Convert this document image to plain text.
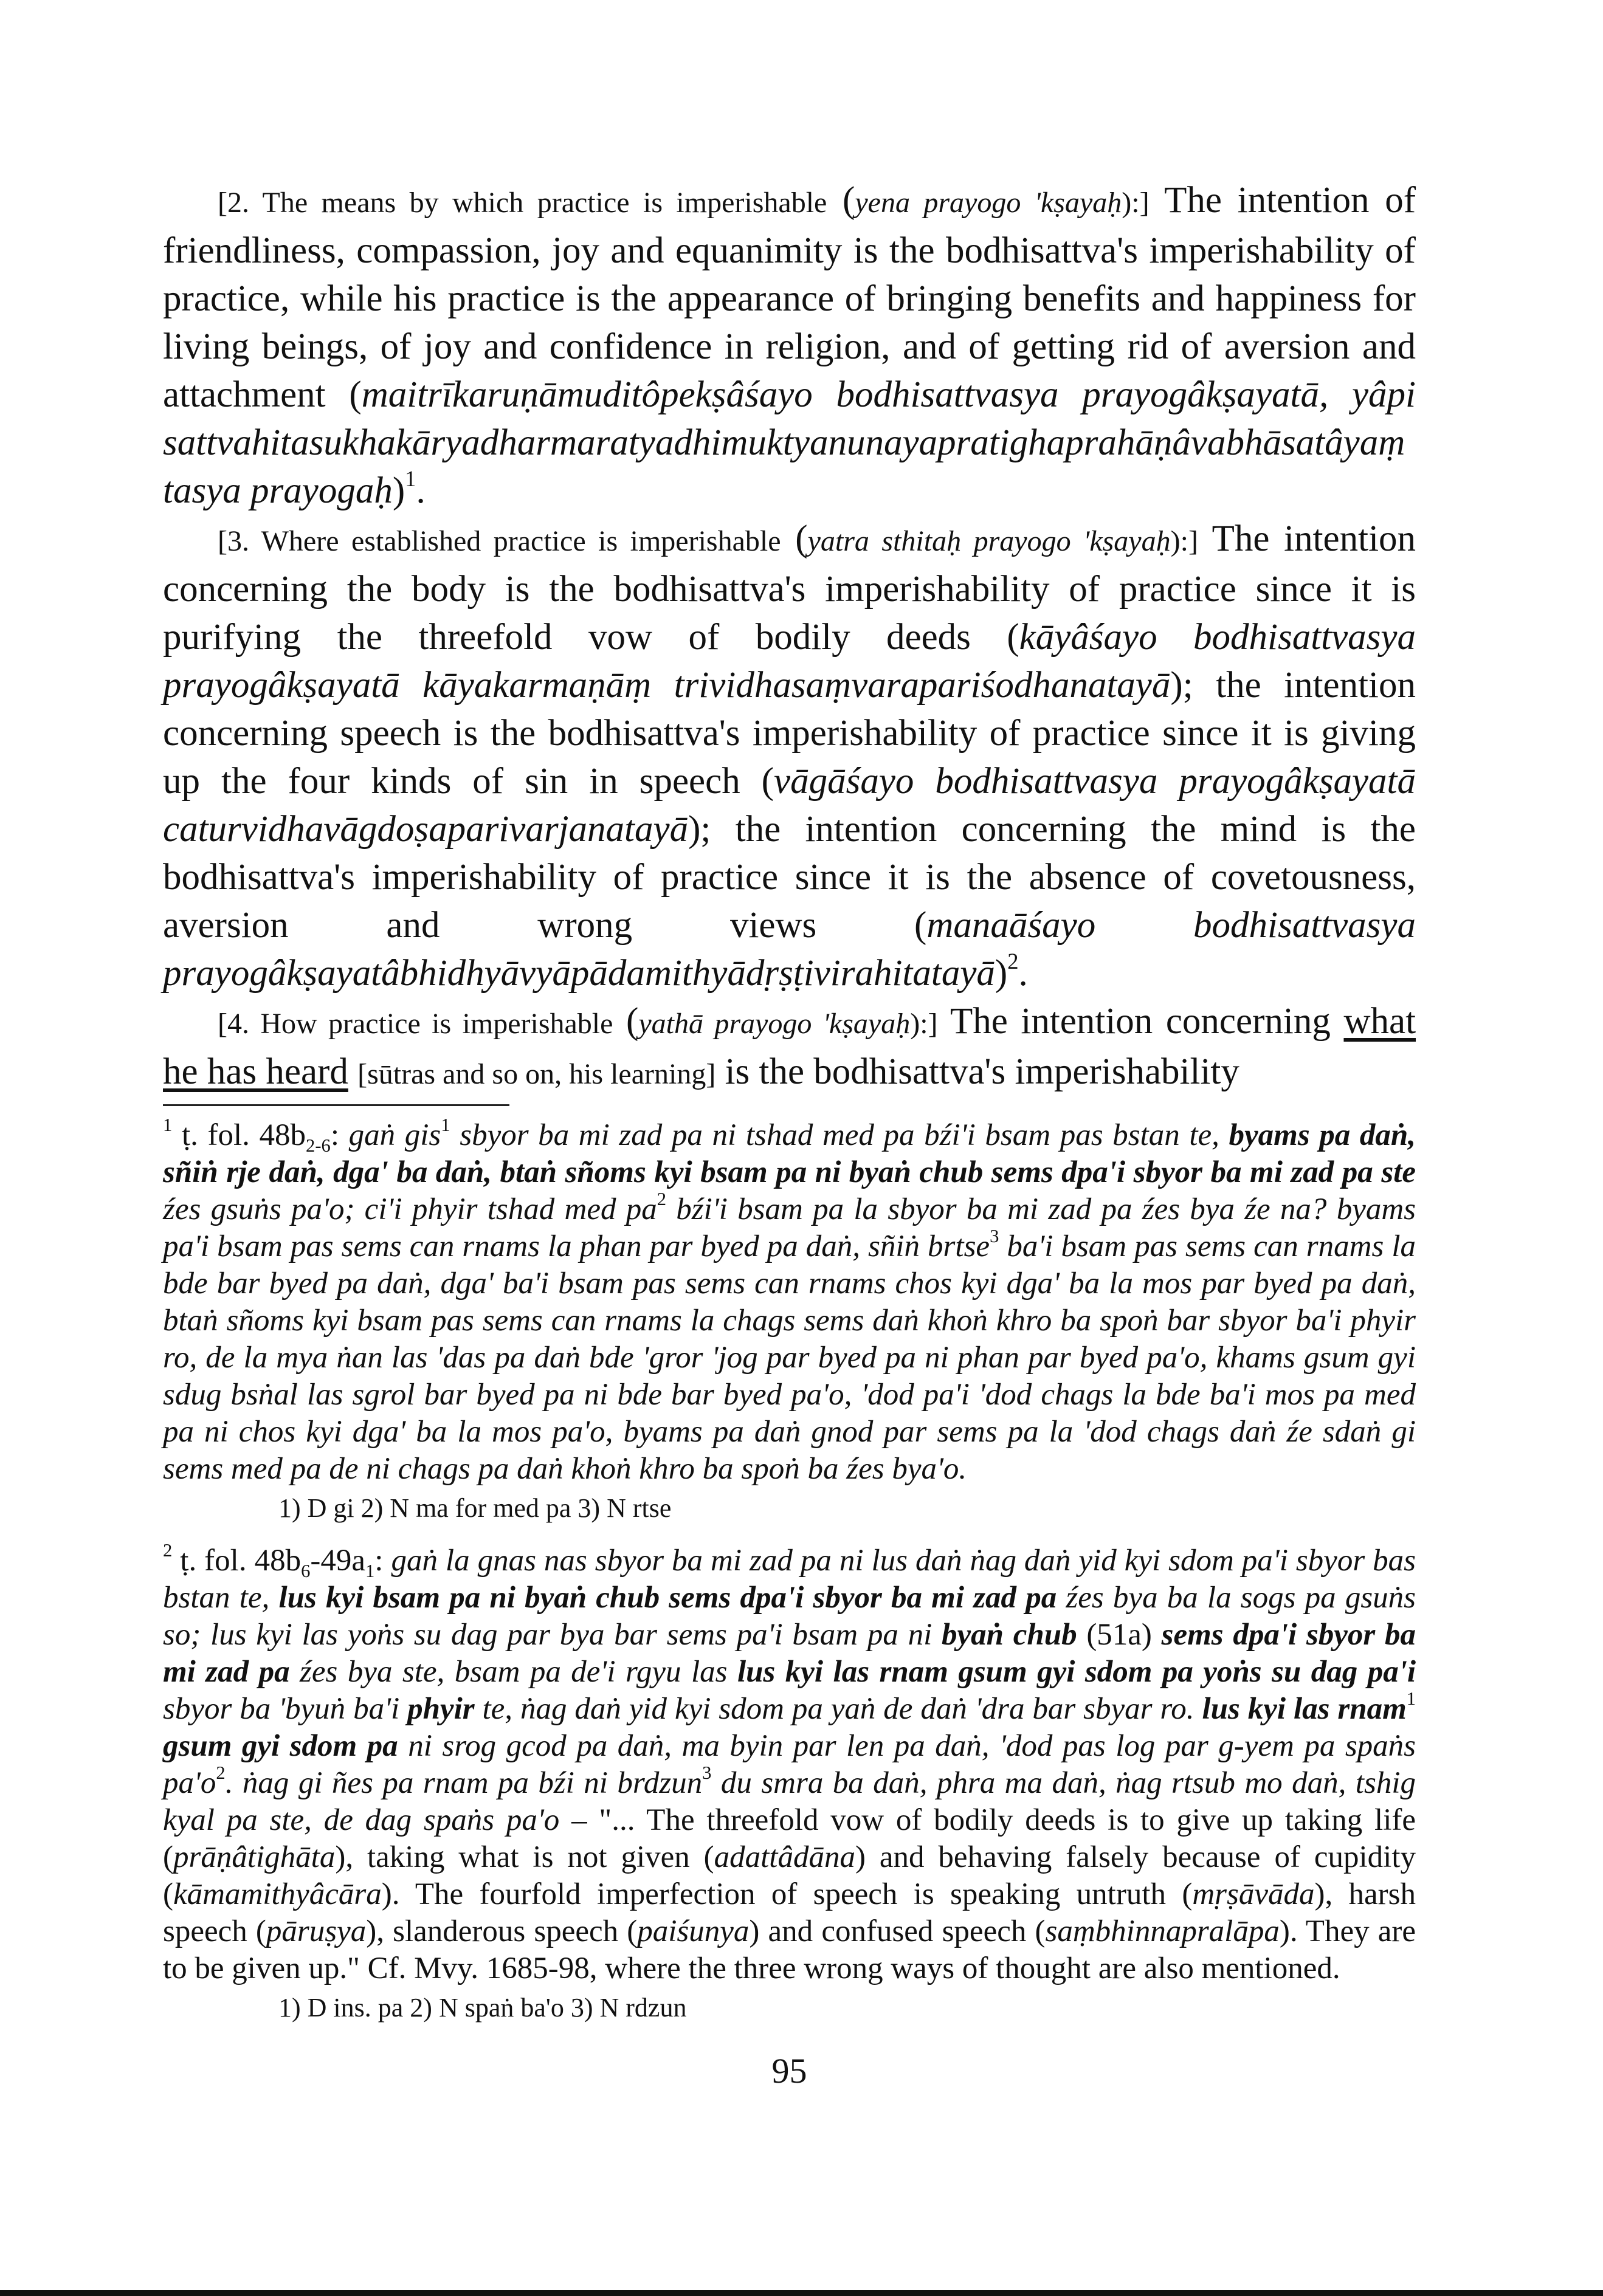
[2. The means by which practice is imperishable (yena prayogo 'kṣayaḥ):] The intention of friendliness, compassion, joy and equanimity is the bodhisattva's imperishability of practice, while his practice is the appearance of bringing benefits and happiness for living beings, of joy and confidence in religion, and of getting rid of aversion and attachment (maitrīkaruṇāmuditôpekṣâśayo bodhisattvasya prayogâkṣayatā, yâpi sattvahitasukhakāryadharmaratyadhimuktyanunayapratighaprahāṇâvabhāsatâyaṃ tasya prayogaḥ)$^1$.

[3. Where established practice is imperishable (yatra sthitaḥ prayogo 'kṣayaḥ):] The intention concerning the body is the bodhisattva's imperishability of practice since it is purifying the threefold vow of bodily deeds (kāyâśayo bodhisattvasya prayogâkṣayatā kāyakarmaṇāṃ trividhasaṃvarapariśodhanatayā); the intention concerning speech is the bodhisattva's imperishability of practice since it is giving up the four kinds of sin in speech (vāgāśayo bodhisattvasya prayogâkṣayatā caturvidhavāgdoṣaparivarjanatayā); the intention concerning the mind is the bodhisattva's imperishability of practice since it is the absence of covetousness, aversion and wrong views (manaāśayo bodhisattvasya prayogâkṣayatâbhidhyāvyāpādamithyādṛṣṭivirahitatayā)$^2$.

[4. How practice is imperishable (yathā prayogo 'kṣayaḥ):] The intention concerning what he has heard [sūtras and so on, his learning] is the bodhisattva's imperishability

$^1$ ṭ. fol. $48b_{2-6}$: gaṅ gis$^1$ sbyor ba mi zad pa ni tshad med pa bźi'i bsam pas bstan te, byams pa daṅ, sñiṅ rje daṅ, dga' ba daṅ, btaṅ sñoms kyi bsam pa ni byaṅ chub sems dpa'i sbyor ba mi zad pa ste źes gsuṅs pa'o; ci'i phyir tshad med $pa^2$ bźi'i bsam pa la sbyor ba mi zad pa źes bya źe na? byams pa'i bsam pas sems can rnams la phan par byed pa daṅ, sñiṅ brtse$^3$ ba'i bsam pas sems can rnams la bde bar byed pa daṅ, dga' ba'i bsam pas sems can rnams chos kyi dga' ba la mos par byed pa daṅ, btaṅ sñoms kyi bsam pas sems can rnams la chags sems daṅ khoṅ khro ba spoṅ bar sbyor ba'i phyir ro, de la mya ṅan las 'das pa daṅ bde 'gror 'jog par byed pa ni phan par byed pa'o, khams gsum gyi sdug bsṅal las sgrol bar byed pa ni bde bar byed pa'o, 'dod pa'i 'dod chags la bde ba'i mos pa med pa ni chos kyi dga' ba la mos pa'o, byams pa daṅ gnod par sems pa la 'dod chags daṅ źe sdaṅ gi sems med pa de ni chags pa daṅ khoṅ khro ba spoṅ ba źes bya'o.

1) D gi 2) N ma for med pa 3) N rtse

$^2$ ṭ. fol. $48b_6-49a_1$: gaṅ la gnas nas sbyor ba mi zad pa ni lus daṅ ṅag daṅ yid kyi sdom pa'i sbyor bas bstan te, lus kyi bsam pa ni byaṅ chub sems dpa'i sbyor ba mi zad pa źes bya ba la sogs pa gsuṅs so; lus kyi las yoṅs su dag par bya bar sems pa'i bsam pa ni byaṅ chub (51a) sems dpa'i sbyor ba mi zad pa źes bya ste, bsam pa de'i rgyu las lus kyi las rnam gsum gyi sdom pa yoṅs su dag pa'i sbyor ba 'byuṅ ba'i phyir te, ṅag daṅ yid kyi sdom pa yaṅ de daṅ 'dra bar sbyar ro. lus kyi las rnam$^1$ gsum gyi sdom pa ni srog gcod pa daṅ, ma byin par len pa daṅ, 'dod pas log par g-yem pa spaṅs $pa'o^2$. ṅag gi ñes pa rnam pa bźi ni brdzun$^3$ du smra ba daṅ, phra ma daṅ, ṅag rtsub mo daṅ, tshig kyal pa ste, de dag spaṅs pa'o – "... The threefold vow of bodily deeds is to give up taking life (prāṇâtighāta), taking what is not given (adattâdāna) and behaving falsely because of cupidity (kāmamithyâcāra). The fourfold imperfection of speech is speaking untruth (mṛṣāvāda), harsh speech (pāruṣya), slanderous speech (paiśunya) and confused speech (saṃbhinnapralāpa). They are to be given up." Cf. Mvy. 1685-98, where the three wrong ways of thought are also mentioned.

1) D ins. pa 2) N spaṅ ba'o 3) N rdzun

95
